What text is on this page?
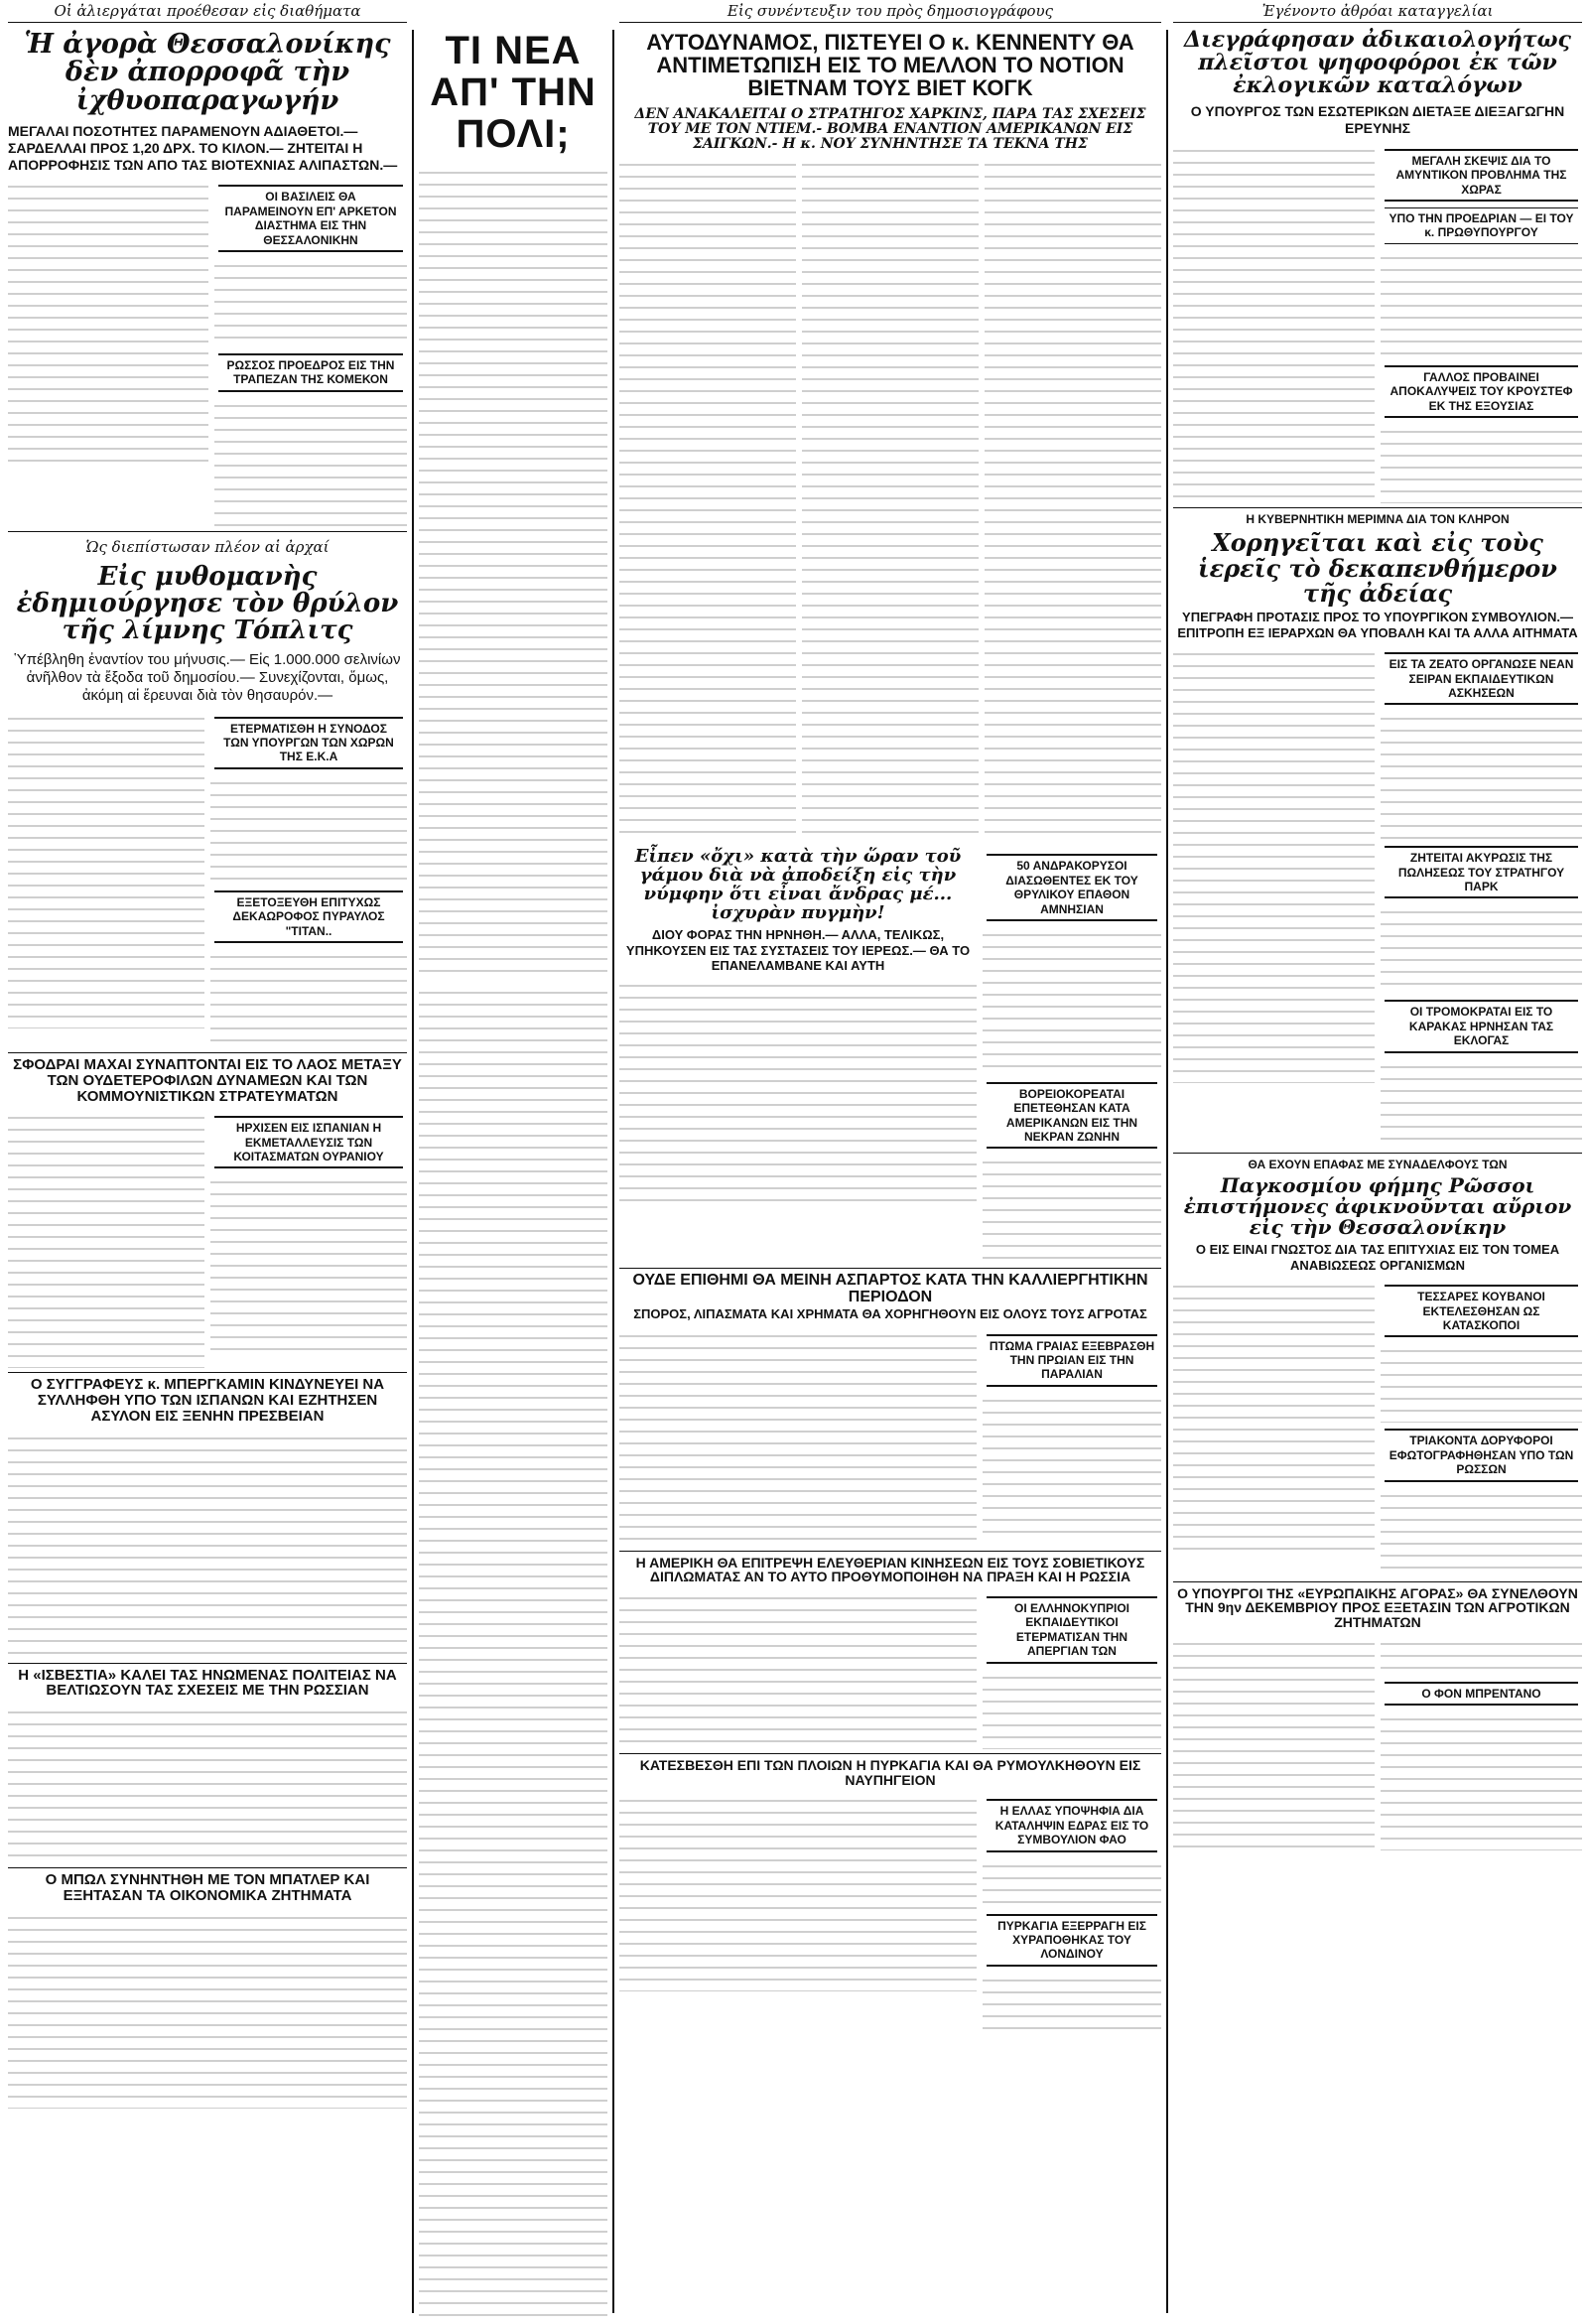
Οἱ ἀλιεργάται προέθεσαν εἰς διαθήματα
Ἡ ἀγορὰ Θεσσαλονίκης δὲν ἀπορροφᾶ τὴν ἰχθυοπαραγωγήν
ΜΕΓΑΛΑΙ ΠΟΣΟΤΗΤΕΣ ΠΑΡΑΜΕΝΟΥΝ ΑΔΙΑΘΕΤΟΙ.— ΣΑΡΔΕΛΛΑΙ ΠΡΟΣ 1,20 ΔΡΧ. ΤΟ ΚΙΛΟΝ.— ΖΗΤΕΙΤΑΙ Η ΑΠΟΡΡΟΦΗΣΙΣ ΤΩΝ ΑΠΟ ΤΑΣ ΒΙΟΤΕΧΝΙΑΣ ΑΛΙΠΑΣΤΩΝ.—
ΟΙ ΒΑΣΙΛΕΙΣ ΘΑ ΠΑΡΑΜΕΙΝΟΥΝ ΕΠ' ΑΡΚΕΤΟΝ ΔΙΑΣΤΗΜΑ ΕΙΣ ΤΗΝ ΘΕΣΣΑΛΟΝΙΚΗΝ
ΡΩΣΣΟΣ ΠΡΟΕΔΡΟΣ ΕΙΣ ΤΗΝ ΤΡΑΠΕΖΑΝ ΤΗΣ ΚΟΜΕΚΟΝ
Ὡς διεπίστωσαν πλέον αἱ ἀρχαί
Εἰς μυθομανὴς ἐδημιούργησε τὸν θρύλον τῆς λίμνης Τόπλιτς
Ὑπέβληθη ἐναντίον του μήνυσις.— Εἰς 1.000.000 σελινίων ἀνῆλθον τὰ ἔξοδα τοῦ δημοσίου.— Συνεχίζονται, ὅμως, ἀκόμη αἱ ἔρευναι διὰ τὸν θησαυρόν.—
ΕΤΕΡΜΑΤΙΣΘΗ Η ΣΥΝΟΔΟΣ ΤΩΝ ΥΠΟΥΡΓΩΝ ΤΩΝ ΧΩΡΩΝ ΤΗΣ Ε.Κ.Α
ΕΞΕΤΟΞΕΥΘΗ ΕΠΙΤΥΧΩΣ ΔΕΚΑΩΡΟΦΟΣ ΠΥΡΑΥΛΟΣ "ΤΙΤΑΝ..
ΣΦΟΔΡΑΙ ΜΑΧΑΙ ΣΥΝΑΠΤΟΝΤΑΙ ΕΙΣ ΤΟ ΛΑΟΣ ΜΕΤΑΞΥ ΤΩΝ ΟΥΔΕΤΕΡΟΦΙΛΩΝ ΔΥΝΑΜΕΩΝ ΚΑΙ ΤΩΝ ΚΟΜΜΟΥΝΙΣΤΙΚΩΝ ΣΤΡΑΤΕΥΜΑΤΩΝ
ΗΡΧΙΣΕΝ ΕΙΣ ΙΣΠΑΝΙΑΝ Η ΕΚΜΕΤΑΛΛΕΥΣΙΣ ΤΩΝ ΚΟΙΤΑΣΜΑΤΩΝ ΟΥΡΑΝΙΟΥ
Ο ΣΥΓΓΡΑΦΕΥΣ κ. ΜΠΕΡΓΚΑΜΙΝ ΚΙΝΔΥΝΕΥΕΙ ΝΑ ΣΥΛΛΗΦΘΗ ΥΠΟ ΤΩΝ ΙΣΠΑΝΩΝ ΚΑΙ ΕΖΗΤΗΣΕΝ ΑΣΥΛΟΝ ΕΙΣ ΞΕΝΗΝ ΠΡΕΣΒΕΙΑΝ
Η «ΙΣΒΕΣΤΙΑ» ΚΑΛΕΙ ΤΑΣ ΗΝΩΜΕΝΑΣ ΠΟΛΙΤΕΙΑΣ ΝΑ ΒΕΛΤΙΩΣΟΥΝ ΤΑΣ ΣΧΕΣΕΙΣ ΜΕ ΤΗΝ ΡΩΣΣΙΑΝ
Ο ΜΠΩΛ ΣΥΝΗΝΤΗΘΗ ΜΕ ΤΟΝ ΜΠΑΤΛΕΡ ΚΑΙ ΕΞΗΤΑΣΑΝ ΤΑ ΟΙΚΟΝΟΜΙΚΑ ΖΗΤΗΜΑΤΑ
ΤΙ ΝΕΑ ΑΠ' ΤΗΝ ΠΟΛΙ;
Εἰς συνέντευξιν του πρὸς δημοσιογράφους
ΑΥΤΟΔΥΝΑΜΟΣ, ΠΙΣΤΕΥΕΙ Ο κ. ΚΕΝΝΕΝΤΥ ΘΑ ΑΝΤΙΜΕΤΩΠΙΣΗ ΕΙΣ ΤΟ ΜΕΛΛΟΝ ΤΟ ΝΟΤΙΟΝ ΒΙΕΤΝΑΜ ΤΟΥΣ ΒΙΕΤ ΚΟΓΚ
ΔΕΝ ΑΝΑΚΑΛΕΙΤΑΙ Ο ΣΤΡΑΤΗΓΟΣ ΧΑΡΚΙΝΣ, ΠΑΡΑ ΤΑΣ ΣΧΕΣΕΙΣ ΤΟΥ ΜΕ ΤΟΝ ΝΤΙΕΜ.- ΒΟΜΒΑ ΕΝΑΝΤΙΟΝ ΑΜΕΡΙΚΑΝΩΝ ΕΙΣ ΣΑΙΓΚΩΝ.- Η κ. ΝΟΥ ΣΥΝΗΝΤΗΣΕ ΤΑ ΤΕΚΝΑ ΤΗΣ
Εἶπεν «ὄχι» κατὰ τὴν ὥραν τοῦ γάμου διὰ νὰ ἀποδείξη εἰς τὴν νύμφην ὅτι εἶναι ἄνδρας μέ... ἰσχυρὰν πυγμὴν!
ΔΙΟΥ ΦΟΡΑΣ ΤΗΝ ΗΡΝΗΘΗ.— ΑΛΛΑ, ΤΕΛΙΚΩΣ, ΥΠΗΚΟΥΣΕΝ ΕΙΣ ΤΑΣ ΣΥΣΤΑΣΕΙΣ ΤΟΥ ΙΕΡΕΩΣ.— ΘΑ ΤΟ ΕΠΑΝΕΛΑΜΒΑΝΕ ΚΑΙ ΑΥΤΗ
50 ΑΝΔΡΑΚΟΡΥΣΟΙ ΔΙΑΣΩΘΕΝΤΕΣ ΕΚ ΤΟΥ ΘΡΥΛΙΚΟΥ ΕΠΑΘΟΝ ΑΜΝΗΣΙΑΝ
ΒΟΡΕΙΟΚΟΡΕΑΤΑΙ ΕΠΕΤΕΘΗΣΑΝ ΚΑΤΑ ΑΜΕΡΙΚΑΝΩΝ ΕΙΣ ΤΗΝ ΝΕΚΡΑΝ ΖΩΝΗΝ
ΟΥΔΕ ΕΠΙΘΗΜΙ ΘΑ ΜΕΙΝΗ ΑΣΠΑΡΤΟΣ ΚΑΤΑ ΤΗΝ ΚΑΛΛΙΕΡΓΗΤΙΚΗΝ ΠΕΡΙΟΔΟΝ
ΣΠΟΡΟΣ, ΛΙΠΑΣΜΑΤΑ ΚΑΙ ΧΡΗΜΑΤΑ ΘΑ ΧΟΡΗΓΗΘΟΥΝ ΕΙΣ ΟΛΟΥΣ ΤΟΥΣ ΑΓΡΟΤΑΣ
ΠΤΩΜΑ ΓΡΑΙΑΣ ΕΞΕΒΡΑΣΘΗ ΤΗΝ ΠΡΩΙΑΝ ΕΙΣ ΤΗΝ ΠΑΡΑΛΙΑΝ
Η ΑΜΕΡΙΚΗ ΘΑ ΕΠΙΤΡΕΨΗ ΕΛΕΥΘΕΡΙΑΝ ΚΙΝΗΣΕΩΝ ΕΙΣ ΤΟΥΣ ΣΟΒΙΕΤΙΚΟΥΣ ΔΙΠΛΩΜΑΤΑΣ ΑΝ ΤΟ ΑΥΤΟ ΠΡΟΘΥΜΟΠΟΙΗΘΗ ΝΑ ΠΡΑΞΗ ΚΑΙ Η ΡΩΣΣΙΑ
ΟΙ ΕΛΛΗΝΟΚΥΠΡΙΟΙ ΕΚΠΑΙΔΕΥΤΙΚΟΙ ΕΤΕΡΜΑΤΙΣΑΝ ΤΗΝ ΑΠΕΡΓΙΑΝ ΤΩΝ
ΚΑΤΕΣΒΕΣΘΗ ΕΠΙ ΤΩΝ ΠΛΟΙΩΝ Η ΠΥΡΚΑΓΙΑ ΚΑΙ ΘΑ ΡΥΜΟΥΛΚΗΘΟΥΝ ΕΙΣ ΝΑΥΠΗΓΕΙΟΝ
Η ΕΛΛΑΣ ΥΠΟΨΗΦΙΑ ΔΙΑ ΚΑΤΑΛΗΨΙΝ ΕΔΡΑΣ ΕΙΣ ΤΟ ΣΥΜΒΟΥΛΙΟΝ ΦΑΟ
ΠΥΡΚΑΓΙΑ ΕΞΕΡΡΑΓΗ ΕΙΣ ΧΥΡΑΠΟΘΗΚΑΣ ΤΟΥ ΛΟΝΔΙΝΟΥ
Ἐγένοντο ἀθρόαι καταγγελίαι
Διεγράφησαν ἀδικαιολογήτως πλεῖστοι ψηφοφόροι ἐκ τῶν ἐκλογικῶν καταλόγων
Ο ΥΠΟΥΡΓΟΣ ΤΩΝ ΕΣΩΤΕΡΙΚΩΝ ΔΙΕΤΑΞΕ ΔΙΕΞΑΓΩΓΗΝ ΕΡΕΥΝΗΣ
ΜΕΓΑΛΗ ΣΚΕΨΙΣ ΔΙΑ ΤΟ ΑΜΥΝΤΙΚΟΝ ΠΡΟΒΛΗΜΑ ΤΗΣ ΧΩΡΑΣ
ΥΠΟ ΤΗΝ ΠΡΟΕΔΡΙΑΝ — ΕΙ ΤΟΥ κ. ΠΡΩΘΥΠΟΥΡΓΟΥ
ΓΑΛΛΟΣ ΠΡΟΒΑΙΝΕΙ ΑΠΟΚΑΛΥΨΕΙΣ ΤΟΥ ΚΡΟΥΣΤΕΦ ΕΚ ΤΗΣ ΕΞΟΥΣΙΑΣ
Η ΚΥΒΕΡΝΗΤΙΚΗ ΜΕΡΙΜΝΑ ΔΙΑ ΤΟΝ ΚΛΗΡΟΝ
Χορηγεῖται καὶ εἰς τοὺς ἱερεῖς τὸ δεκαπενθήμερον τῆς ἀδείας
ΥΠΕΓΡΑΦΗ ΠΡΟΤΑΣΙΣ ΠΡΟΣ ΤΟ ΥΠΟΥΡΓΙΚΟΝ ΣΥΜΒΟΥΛΙΟΝ.— ΕΠΙΤΡΟΠΗ ΕΞ ΙΕΡΑΡΧΩΝ ΘΑ ΥΠΟΒΑΛΗ ΚΑΙ ΤΑ ΑΛΛΑ ΑΙΤΗΜΑΤΑ
ΕΙΣ ΤΑ ΖΕΑΤΟ ΟΡΓΑΝΩΣΕ ΝΕΑΝ ΣΕΙΡΑΝ ΕΚΠΑΙΔΕΥΤΙΚΩΝ ΑΣΚΗΣΕΩΝ
ΖΗΤΕΙΤΑΙ ΑΚΥΡΩΣΙΣ ΤΗΣ ΠΩΛΗΣΕΩΣ ΤΟΥ ΣΤΡΑΤΗΓΟΥ ΠΑΡΚ
ΟΙ ΤΡΟΜΟΚΡΑΤΑΙ ΕΙΣ ΤΟ ΚΑΡΑΚΑΣ ΗΡΝΗΣΑΝ ΤΑΣ ΕΚΛΟΓΑΣ
ΘΑ ΕΧΟΥΝ ΕΠΑΦΑΣ ΜΕ ΣΥΝΑΔΕΛΦΟΥΣ ΤΩΝ
Παγκοσμίου φήμης Ρῶσσοι ἐπιστήμονες ἀφικνοῦνται αὔριον εἰς τὴν Θεσσαλονίκην
Ο ΕΙΣ ΕΙΝΑΙ ΓΝΩΣΤΟΣ ΔΙΑ ΤΑΣ ΕΠΙΤΥΧΙΑΣ ΕΙΣ ΤΟΝ ΤΟΜΕΑ ΑΝΑΒΙΩΣΕΩΣ ΟΡΓΑΝΙΣΜΩΝ
ΤΕΣΣΑΡΕΣ ΚΟΥΒΑΝΟΙ ΕΚΤΕΛΕΣΘΗΣΑΝ ΩΣ ΚΑΤΑΣΚΟΠΟΙ
ΤΡΙΑΚΟΝΤΑ ΔΟΡΥΦΟΡΟΙ ΕΦΩΤΟΓΡΑΦΗΘΗΣΑΝ ΥΠΟ ΤΩΝ ΡΩΣΣΩΝ
Ο ΥΠΟΥΡΓΟΙ ΤΗΣ «ΕΥΡΩΠΑΙΚΗΣ ΑΓΟΡΑΣ» ΘΑ ΣΥΝΕΛΘΟΥΝ ΤΗΝ 9ην ΔΕΚΕΜΒΡΙΟΥ ΠΡΟΣ ΕΞΕΤΑΣΙΝ ΤΩΝ ΑΓΡΟΤΙΚΩΝ ΖΗΤΗΜΑΤΩΝ
Ο ΦΟΝ ΜΠΡΕΝΤΑΝΟ
